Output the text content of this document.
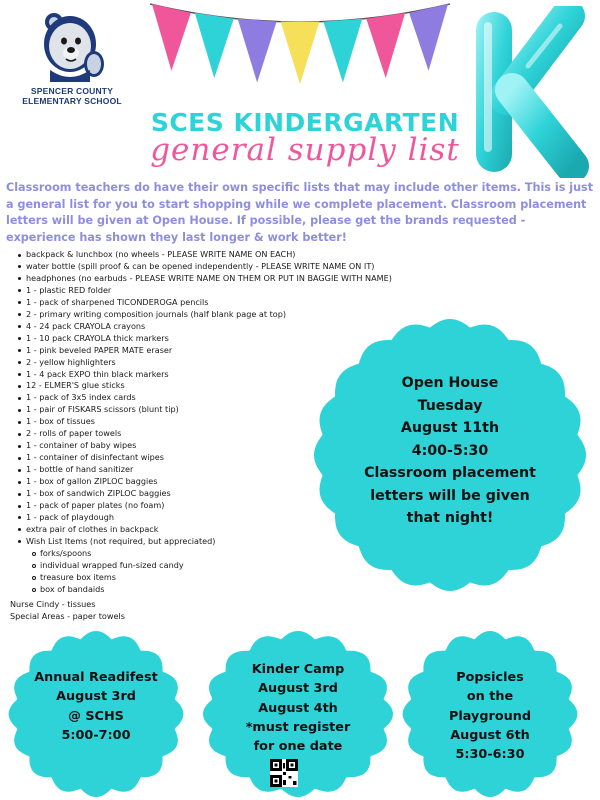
SPENCER COUNTY
ELEMENTARY SCHOOL
K
SCES KINDERGARTEN
general supply list
Classroom teachers do have their own specific lists that may include other items. This is just a general list for you to start shopping while we complete placement. Classroom placement letters will be given at Open House. If possible, please get the brands requested - experience has shown they last longer & work better!
backpack & lunchbox (no wheels - PLEASE WRITE NAME ON EACH)
water bottle (spill proof & can be opened independently - PLEASE WRITE NAME ON IT)
headphones (no earbuds - PLEASE WRITE NAME ON THEM OR PUT IN BAGGIE WITH NAME)
1 - plastic RED folder
1 - pack of sharpened TICONDEROGA pencils
2 - primary writing composition journals (half blank page at top)
4 - 24 pack CRAYOLA crayons
1 - 10 pack CRAYOLA thick markers
1 - pink beveled PAPER MATE eraser
2 - yellow highlighters
1 - 4 pack EXPO thin black markers
12 - ELMER'S glue sticks
1 - pack of 3x5 index cards
1 - pair of FISKARS scissors (blunt tip)
1 - box of tissues
2 - rolls of paper towels
1 - container of baby wipes
1 - container of disinfectant wipes
1 - bottle of hand sanitizer
1 - box of gallon ZIPLOC baggies
1 - box of sandwich ZIPLOC baggies
1 - pack of paper plates (no foam)
1 - pack of playdough
extra pair of clothes in backpack
Wish List Items (not required, but appreciated)
forks/spoons
individual wrapped fun-sized candy
treasure box items
box of bandaids
Nurse Cindy - tissues
Special Areas - paper towels
Open House
Tuesday
August 11th
4:00-5:30
Classroom placement
letters will be given
that night!
Annual Readifest
August 3rd
@ SCHS
5:00-7:00
Kinder Camp
August 3rd
August 4th
*must register
for one date
Popsicles
on the
Playground
August 6th
5:30-6:30
